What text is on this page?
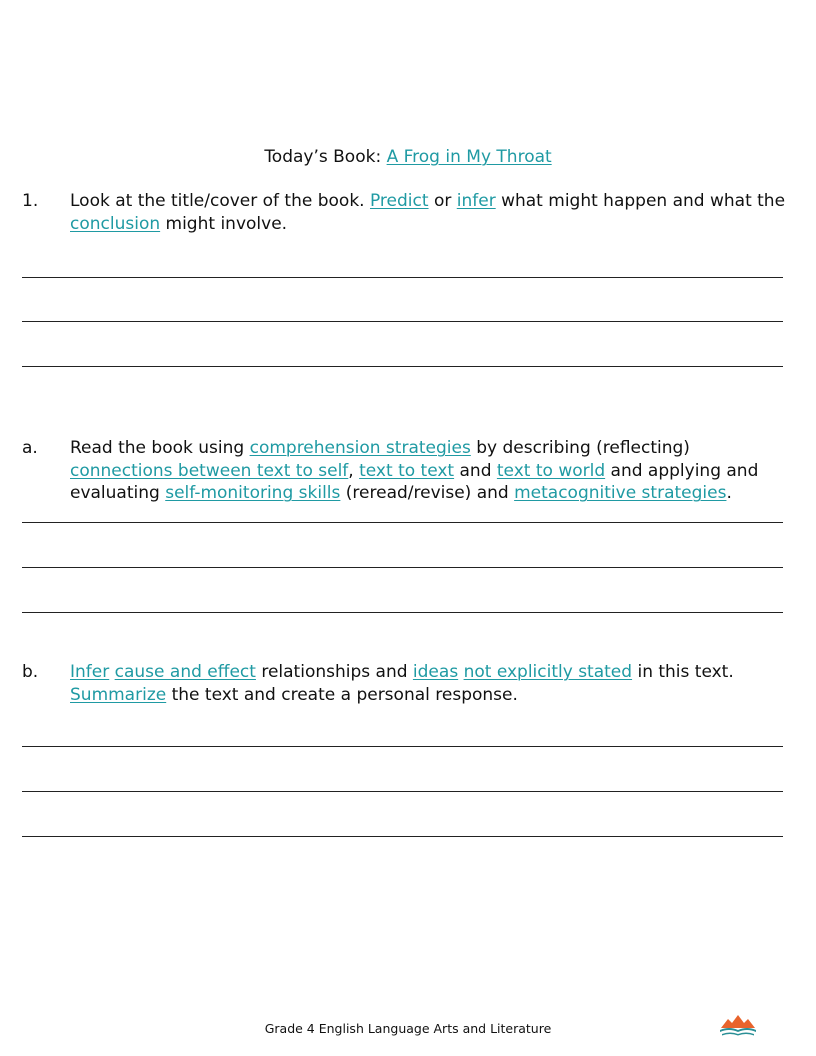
Today’s Book: A Frog in My Throat
1.	Look at the title/cover of the book. Predict or infer what might happen and what the conclusion might involve.
a.	Read the book using comprehension strategies by describing (reflecting) connections between text to self, text to text and text to world and applying and evaluating self-monitoring skills (reread/revise) and metacognitive strategies.
b.	Infer cause and effect relationships and ideas not explicitly stated in this text. Summarize the text and create a personal response.
Grade 4 English Language Arts and Literature
